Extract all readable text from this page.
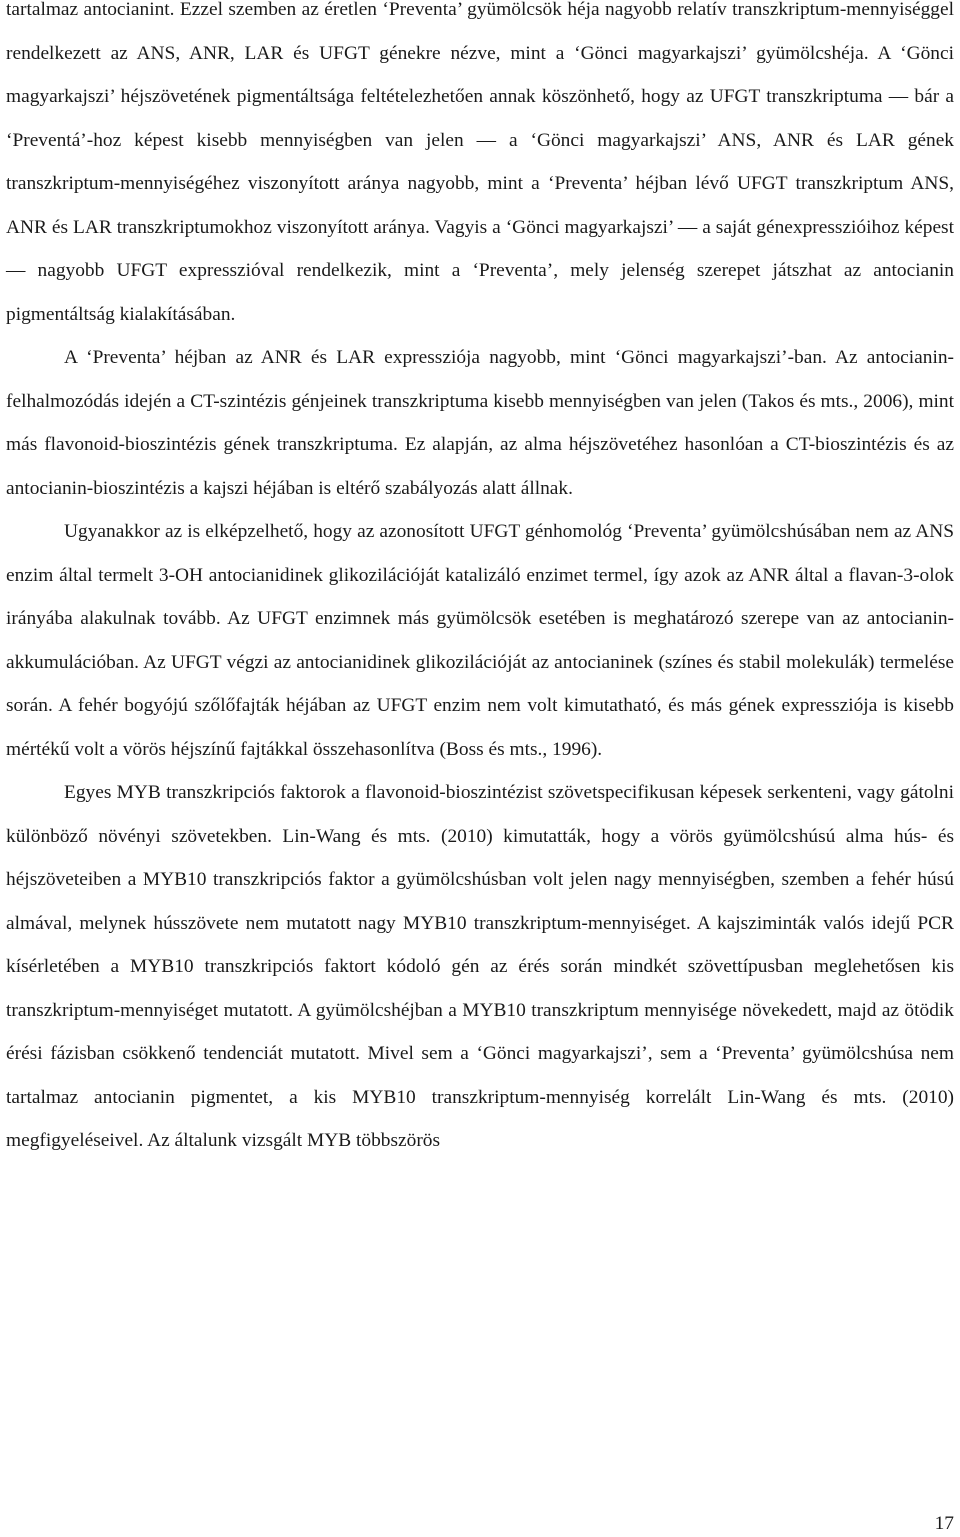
tartalmaz antocianint. Ezzel szemben az éretlen ‘Preventa’ gyümölcsök héja nagyobb relatív transzkriptum-mennyiséggel rendelkezett az ANS, ANR, LAR és UFGT génekre nézve, mint a ‘Gönci magyarkajszi’ gyümölcshéja. A ‘Gönci magyarkajszi’ héjszövetének pigmentáltsága feltételezhetően annak köszönhető, hogy az UFGT transzkriptuma ― bár a ‘Preventá’-hoz képest kisebb mennyiségben van jelen ― a ‘Gönci magyarkajszi’ ANS, ANR és LAR gének transzkriptum-mennyiségéhez viszonyított aránya nagyobb, mint a ‘Preventa’ héjban lévő UFGT transzkriptum ANS, ANR és LAR transzkriptumokhoz viszonyított aránya. Vagyis a ‘Gönci magyarkajszi’ ― a saját génexpresszióihoz képest ― nagyobb UFGT expresszióval rendelkezik, mint a ‘Preventa’, mely jelenség szerepet játszhat az antocianin pigmentáltság kialakításában.

A ‘Preventa’ héjban az ANR és LAR expressziója nagyobb, mint ‘Gönci magyarkajszi’-ban. Az antocianin-felhalmozódás idején a CT-szintézis génjeinek transzkriptuma kisebb mennyiségben van jelen (Takos és mts., 2006), mint más flavonoid-bioszintézis gének transzkriptuma. Ez alapján, az alma héjszövetéhez hasonlóan a CT-bioszintézis és az antocianin-bioszintézis a kajszi héjában is eltérő szabályozás alatt állnak.

Ugyanakkor az is elképzelhető, hogy az azonosított UFGT génhomológ ‘Preventa’ gyümölcshúsában nem az ANS enzim által termelt 3-OH antocianidinek glikozilációját katalizáló enzimet termel, így azok az ANR által a flavan-3-olok irányába alakulnak tovább. Az UFGT enzimnek más gyümölcsök esetében is meghatározó szerepe van az antocianin-akkumulációban. Az UFGT végzi az antocianidinek glikozilációját az antocianinek (színes és stabil molekulák) termelése során. A fehér bogyójú szőlőfajták héjában az UFGT enzim nem volt kimutatható, és más gének expressziója is kisebb mértékű volt a vörös héjszínű fajtákkal összehasonlítva (Boss és mts., 1996).

Egyes MYB transzkripciós faktorok a flavonoid-bioszintézist szövetspecifikusan képesek serkenteni, vagy gátolni különböző növényi szövetekben. Lin-Wang és mts. (2010) kimutatták, hogy a vörös gyümölcshúsú alma hús- és héjszöveteiben a MYB10 transzkripciós faktor a gyümölcshúsban volt jelen nagy mennyiségben, szemben a fehér húsú almával, melynek hússzövete nem mutatott nagy MYB10 transzkriptum-mennyiséget. A kajsziminták valós idejű PCR kísérletében a MYB10 transzkripciós faktort kódoló gén az érés során mindkét szövettípusban meglehetősen kis transzkriptum-mennyiséget mutatott. A gyümölcshéjban a MYB10 transzkriptum mennyisége növekedett, majd az ötödik érési fázisban csökkenő tendenciát mutatott. Mivel sem a ‘Gönci magyarkajszi’, sem a ‘Preventa’ gyümölcshúsa nem tartalmaz antocianin pigmentet, a kis MYB10 transzkriptum-mennyiség korrelált Lin-Wang és mts. (2010) megfigyeléseivel. Az általunk vizsgált MYB többszörös

17
